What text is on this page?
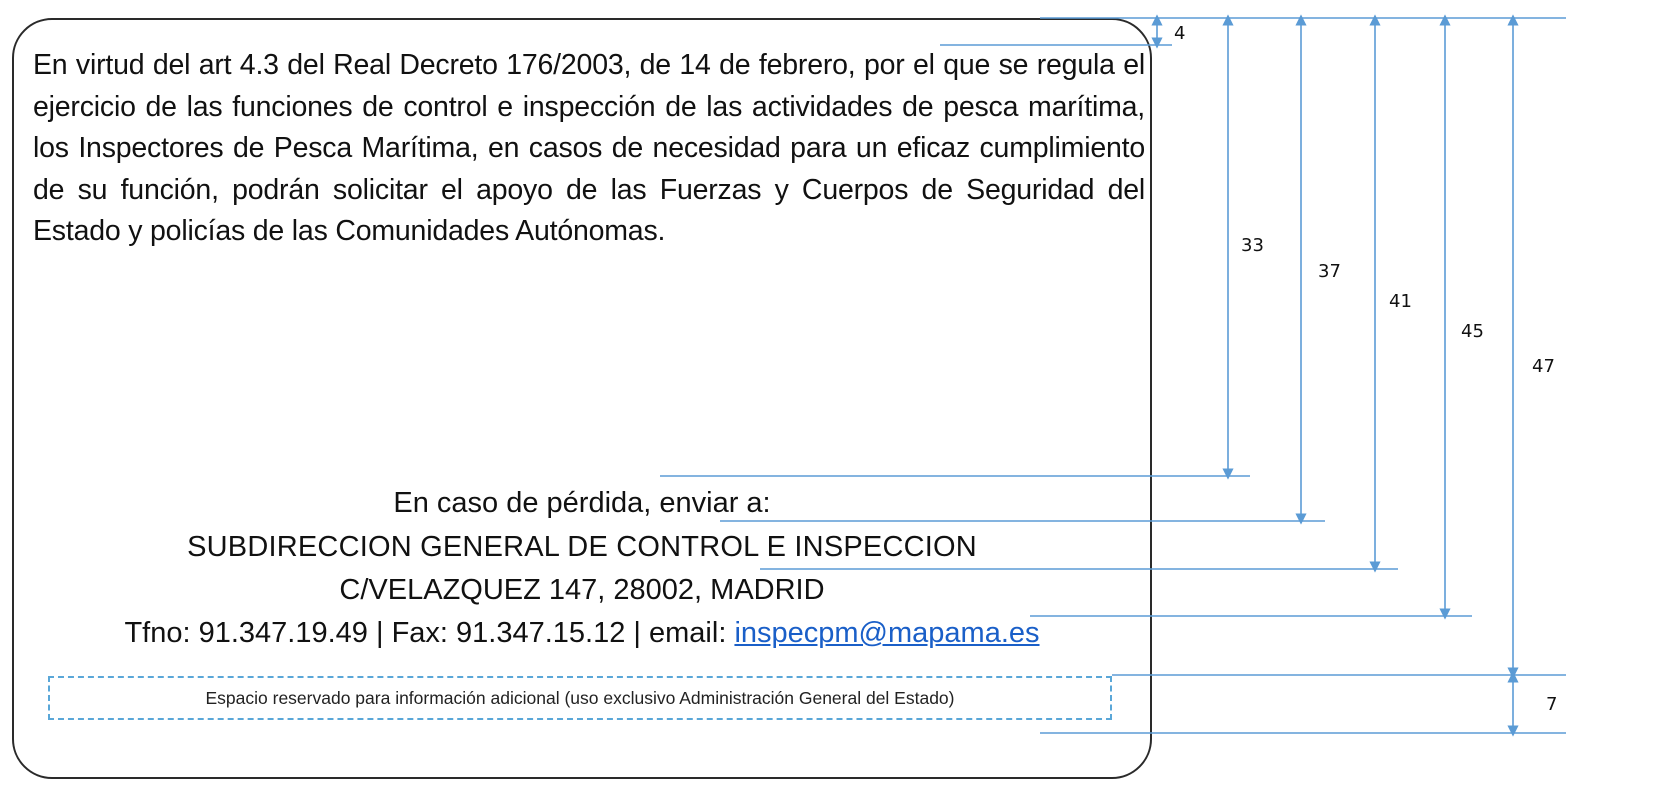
En virtud del art 4.3 del Real Decreto 176/2003, de 14 de febrero, por el que se regula el ejercicio de las funciones de control e inspección de las actividades de pesca marítima, los Inspectores de Pesca Marítima, en casos de necesidad para un eficaz cumplimiento de su función, podrán solicitar el apoyo de las Fuerzas y Cuerpos de Seguridad del Estado y policías de las Comunidades Autónomas.

En caso de pérdida, enviar a:
SUBDIRECCION GENERAL DE CONTROL E INSPECCION
C/VELAZQUEZ 147, 28002, MADRID
Tfno: 91.347.19.49 | Fax: 91.347.15.12 | email: inspecpm@mapama.es
Espacio reservado para información adicional (uso exclusivo Administración General del Estado)
4
33
37
41
45
47
7
